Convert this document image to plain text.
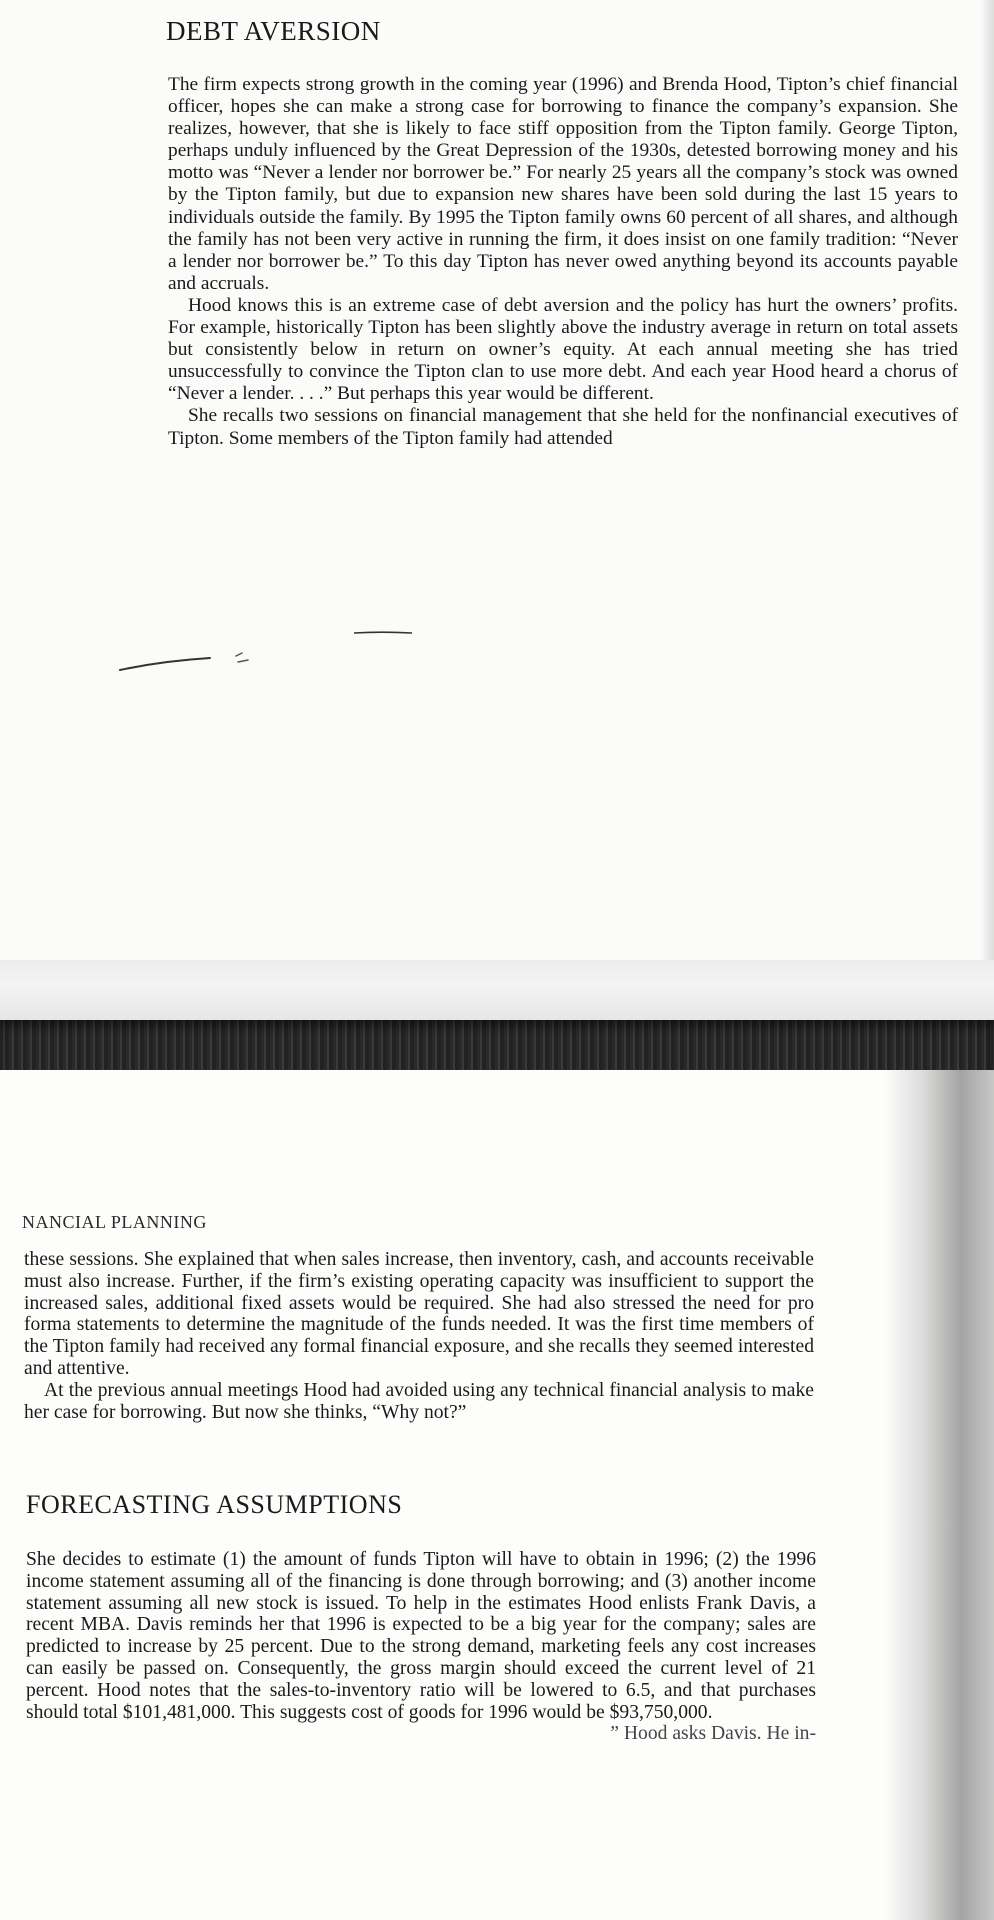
DEBT AVERSION

The firm expects strong growth in the coming year (1996) and Brenda Hood, Tipton’s chief financial officer, hopes she can make a strong case for borrowing to finance the company’s expansion. She realizes, however, that she is likely to face stiff opposition from the Tipton family. George Tipton, perhaps unduly influenced by the Great Depression of the 1930s, detested borrowing money and his motto was “Never a lender nor borrower be.” For nearly 25 years all the company’s stock was owned by the Tipton family, but due to expansion new shares have been sold during the last 15 years to individuals outside the family. By 1995 the Tipton family owns 60 percent of all shares, and although the family has not been very active in running the firm, it does insist on one family tradition: “Never a lender nor borrower be.” To this day Tipton has never owed anything beyond its accounts payable and accruals.

Hood knows this is an extreme case of debt aversion and the policy has hurt the owners’ profits. For example, historically Tipton has been slightly above the industry average in return on total assets but consistently below in return on owner’s equity. At each annual meeting she has tried unsuccessfully to convince the Tipton clan to use more debt. And each year Hood heard a chorus of “Never a lender. . . .” But perhaps this year would be different.

She recalls two sessions on financial management that she held for the nonfinancial executives of Tipton. Some members of the Tipton family had attended

NANCIAL PLANNING

these sessions. She explained that when sales increase, then inventory, cash, and accounts receivable must also increase. Further, if the firm’s existing operating capacity was insufficient to support the increased sales, additional fixed assets would be required. She had also stressed the need for pro forma statements to determine the magnitude of the funds needed. It was the first time members of the Tipton family had received any formal financial exposure, and she recalls they seemed interested and attentive.

At the previous annual meetings Hood had avoided using any technical financial analysis to make her case for borrowing. But now she thinks, “Why not?”

FORECASTING ASSUMPTIONS

She decides to estimate (1) the amount of funds Tipton will have to obtain in 1996; (2) the 1996 income statement assuming all of the financing is done through borrowing; and (3) another income statement assuming all new stock is issued. To help in the estimates Hood enlists Frank Davis, a recent MBA. Davis reminds her that 1996 is expected to be a big year for the company; sales are predicted to increase by 25 percent. Due to the strong demand, marketing feels any cost increases can easily be passed on. Consequently, the gross margin should exceed the current level of 21 percent. Hood notes that the sales-to-inventory ratio will be lowered to 6.5, and that purchases should total $101,481,000. This suggests cost of goods for 1996 would be $93,750,000.

” Hood asks Davis. He in-
